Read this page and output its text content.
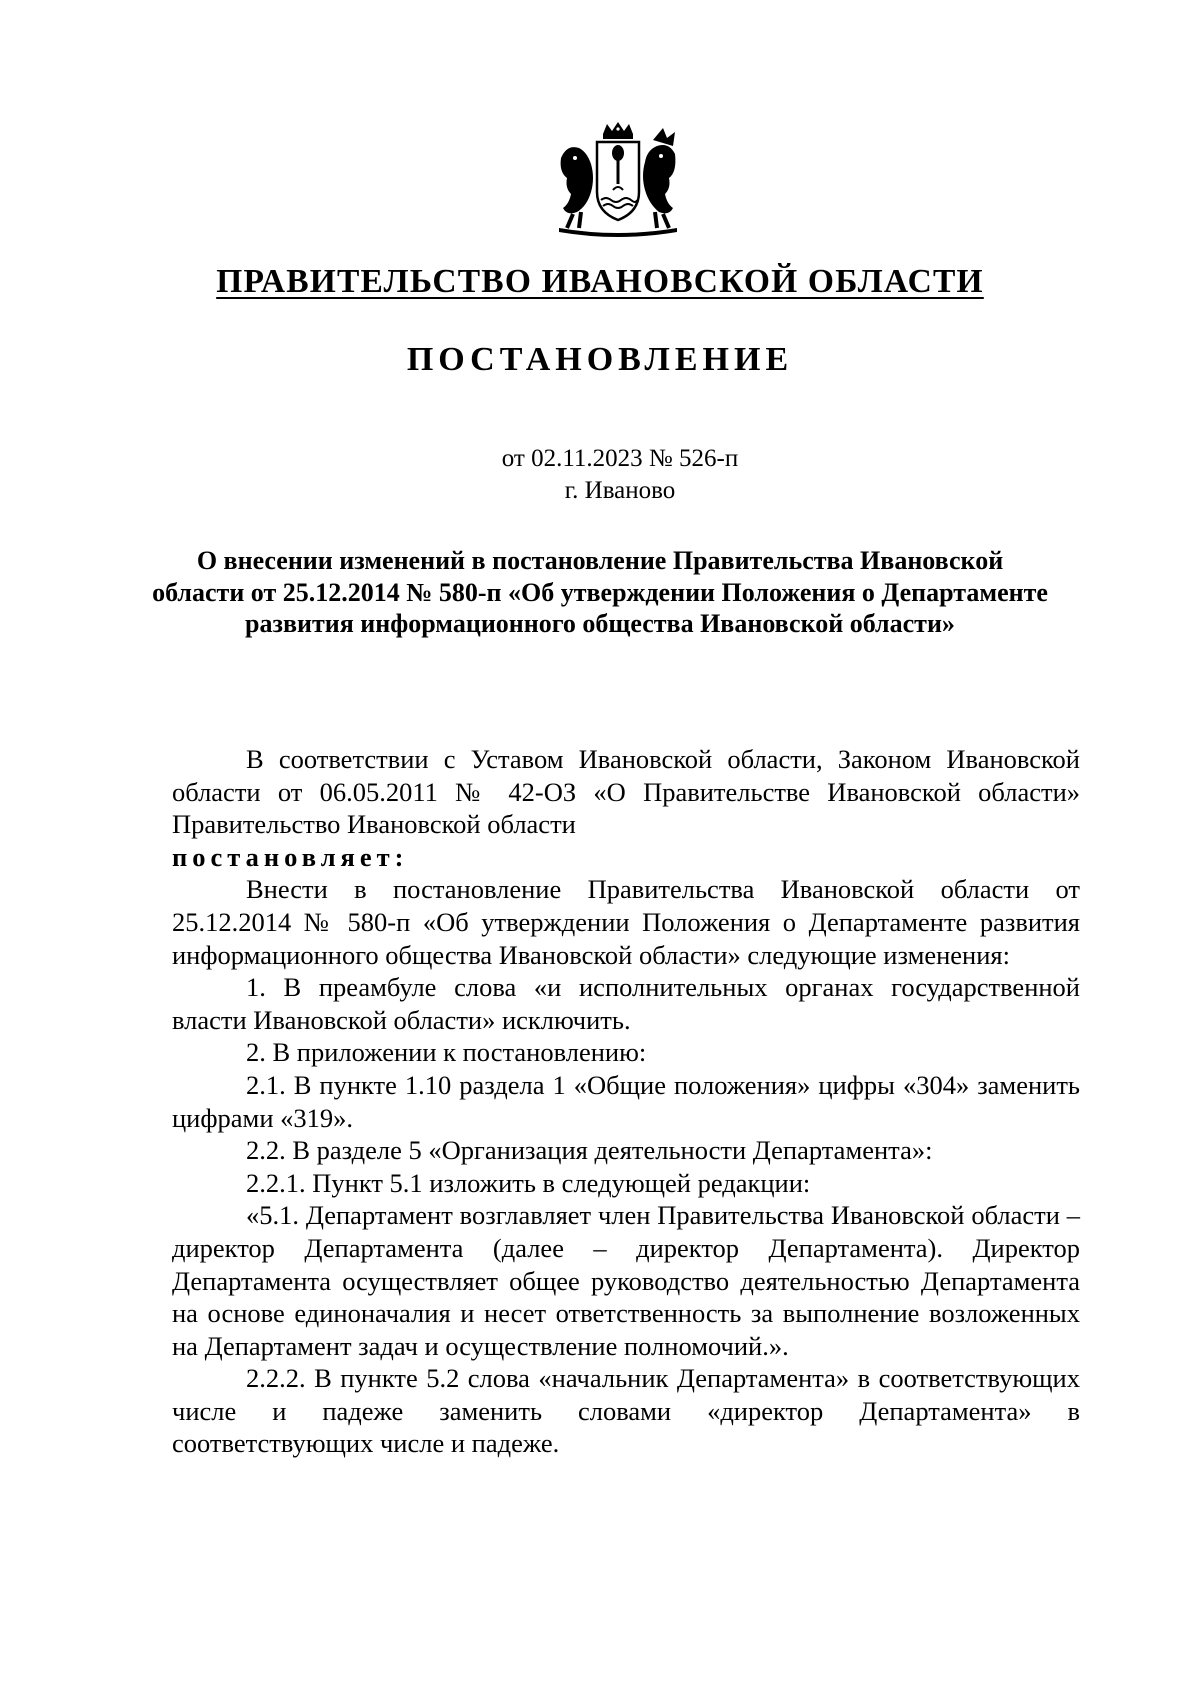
ПРАВИТЕЛЬСТВО ИВАНОВСКОЙ ОБЛАСТИ
ПОСТАНОВЛЕНИЕ
от 02.11.2023 № 526-п
г. Иваново
О внесении изменений в постановление Правительства Ивановской области от 25.12.2014 № 580-п «Об утверждении Положения о Департаменте развития информационного общества Ивановской области»

В соответствии с Уставом Ивановской области, Законом Ивановской области от 06.05.2011 № 42-ОЗ «О Правительстве Ивановской области» Правительство Ивановской области

постановляет:

Внести в постановление Правительства Ивановской области от 25.12.2014 № 580-п «Об утверждении Положения о Департаменте развития информационного общества Ивановской области» следующие изменения:

1. В преамбуле слова «и исполнительных органах государственной власти Ивановской области» исключить.

2. В приложении к постановлению:

2.1. В пункте 1.10 раздела 1 «Общие положения» цифры «304» заменить цифрами «319».

2.2. В разделе 5 «Организация деятельности Департамента»:

2.2.1. Пункт 5.1 изложить в следующей редакции:

«5.1. Департамент возглавляет член Правительства Ивановской области – директор Департамента (далее – директор Департамента). Директор Департамента осуществляет общее руководство деятельностью Департамента на основе единоначалия и несет ответственность за выполнение возложенных на Департамент задач и осуществление полномочий.».

2.2.2. В пункте 5.2 слова «начальник Департамента» в соответствующих числе и падеже заменить словами «директор Департамента» в соответствующих числе и падеже.
